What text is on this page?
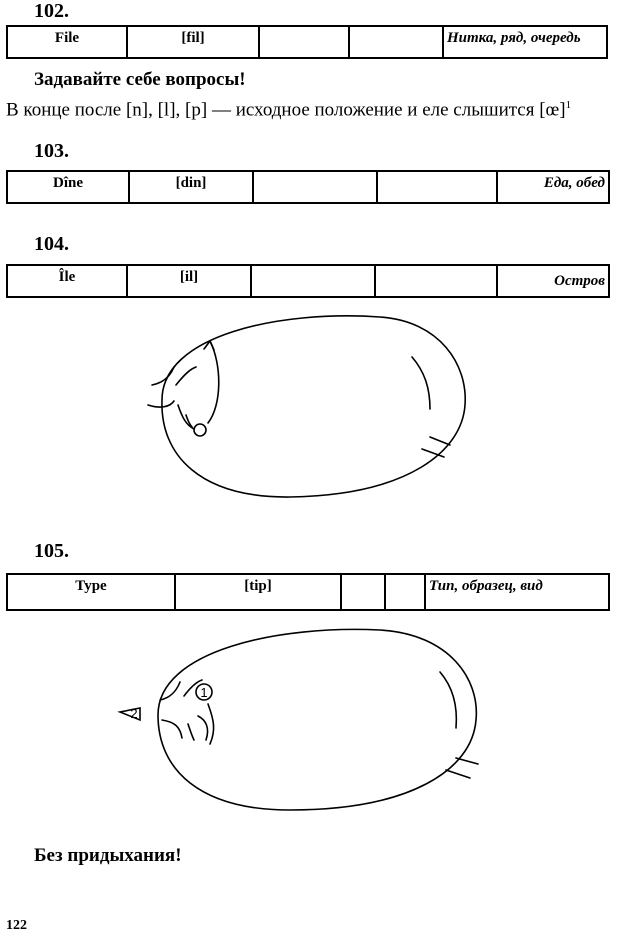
102.
File	[fil]			Нитка, ряд, очередь
Задавайте себе вопросы!
В конце после [n], [l], [p] — исходное положение и еле слышится [œ]$^1$
103.
Dîne	[din]			Еда, обед
104.
Île	[il]			Остров
105.
Type	[tip]			Тип, образец, вид
1
2
Без придыхания!
122
